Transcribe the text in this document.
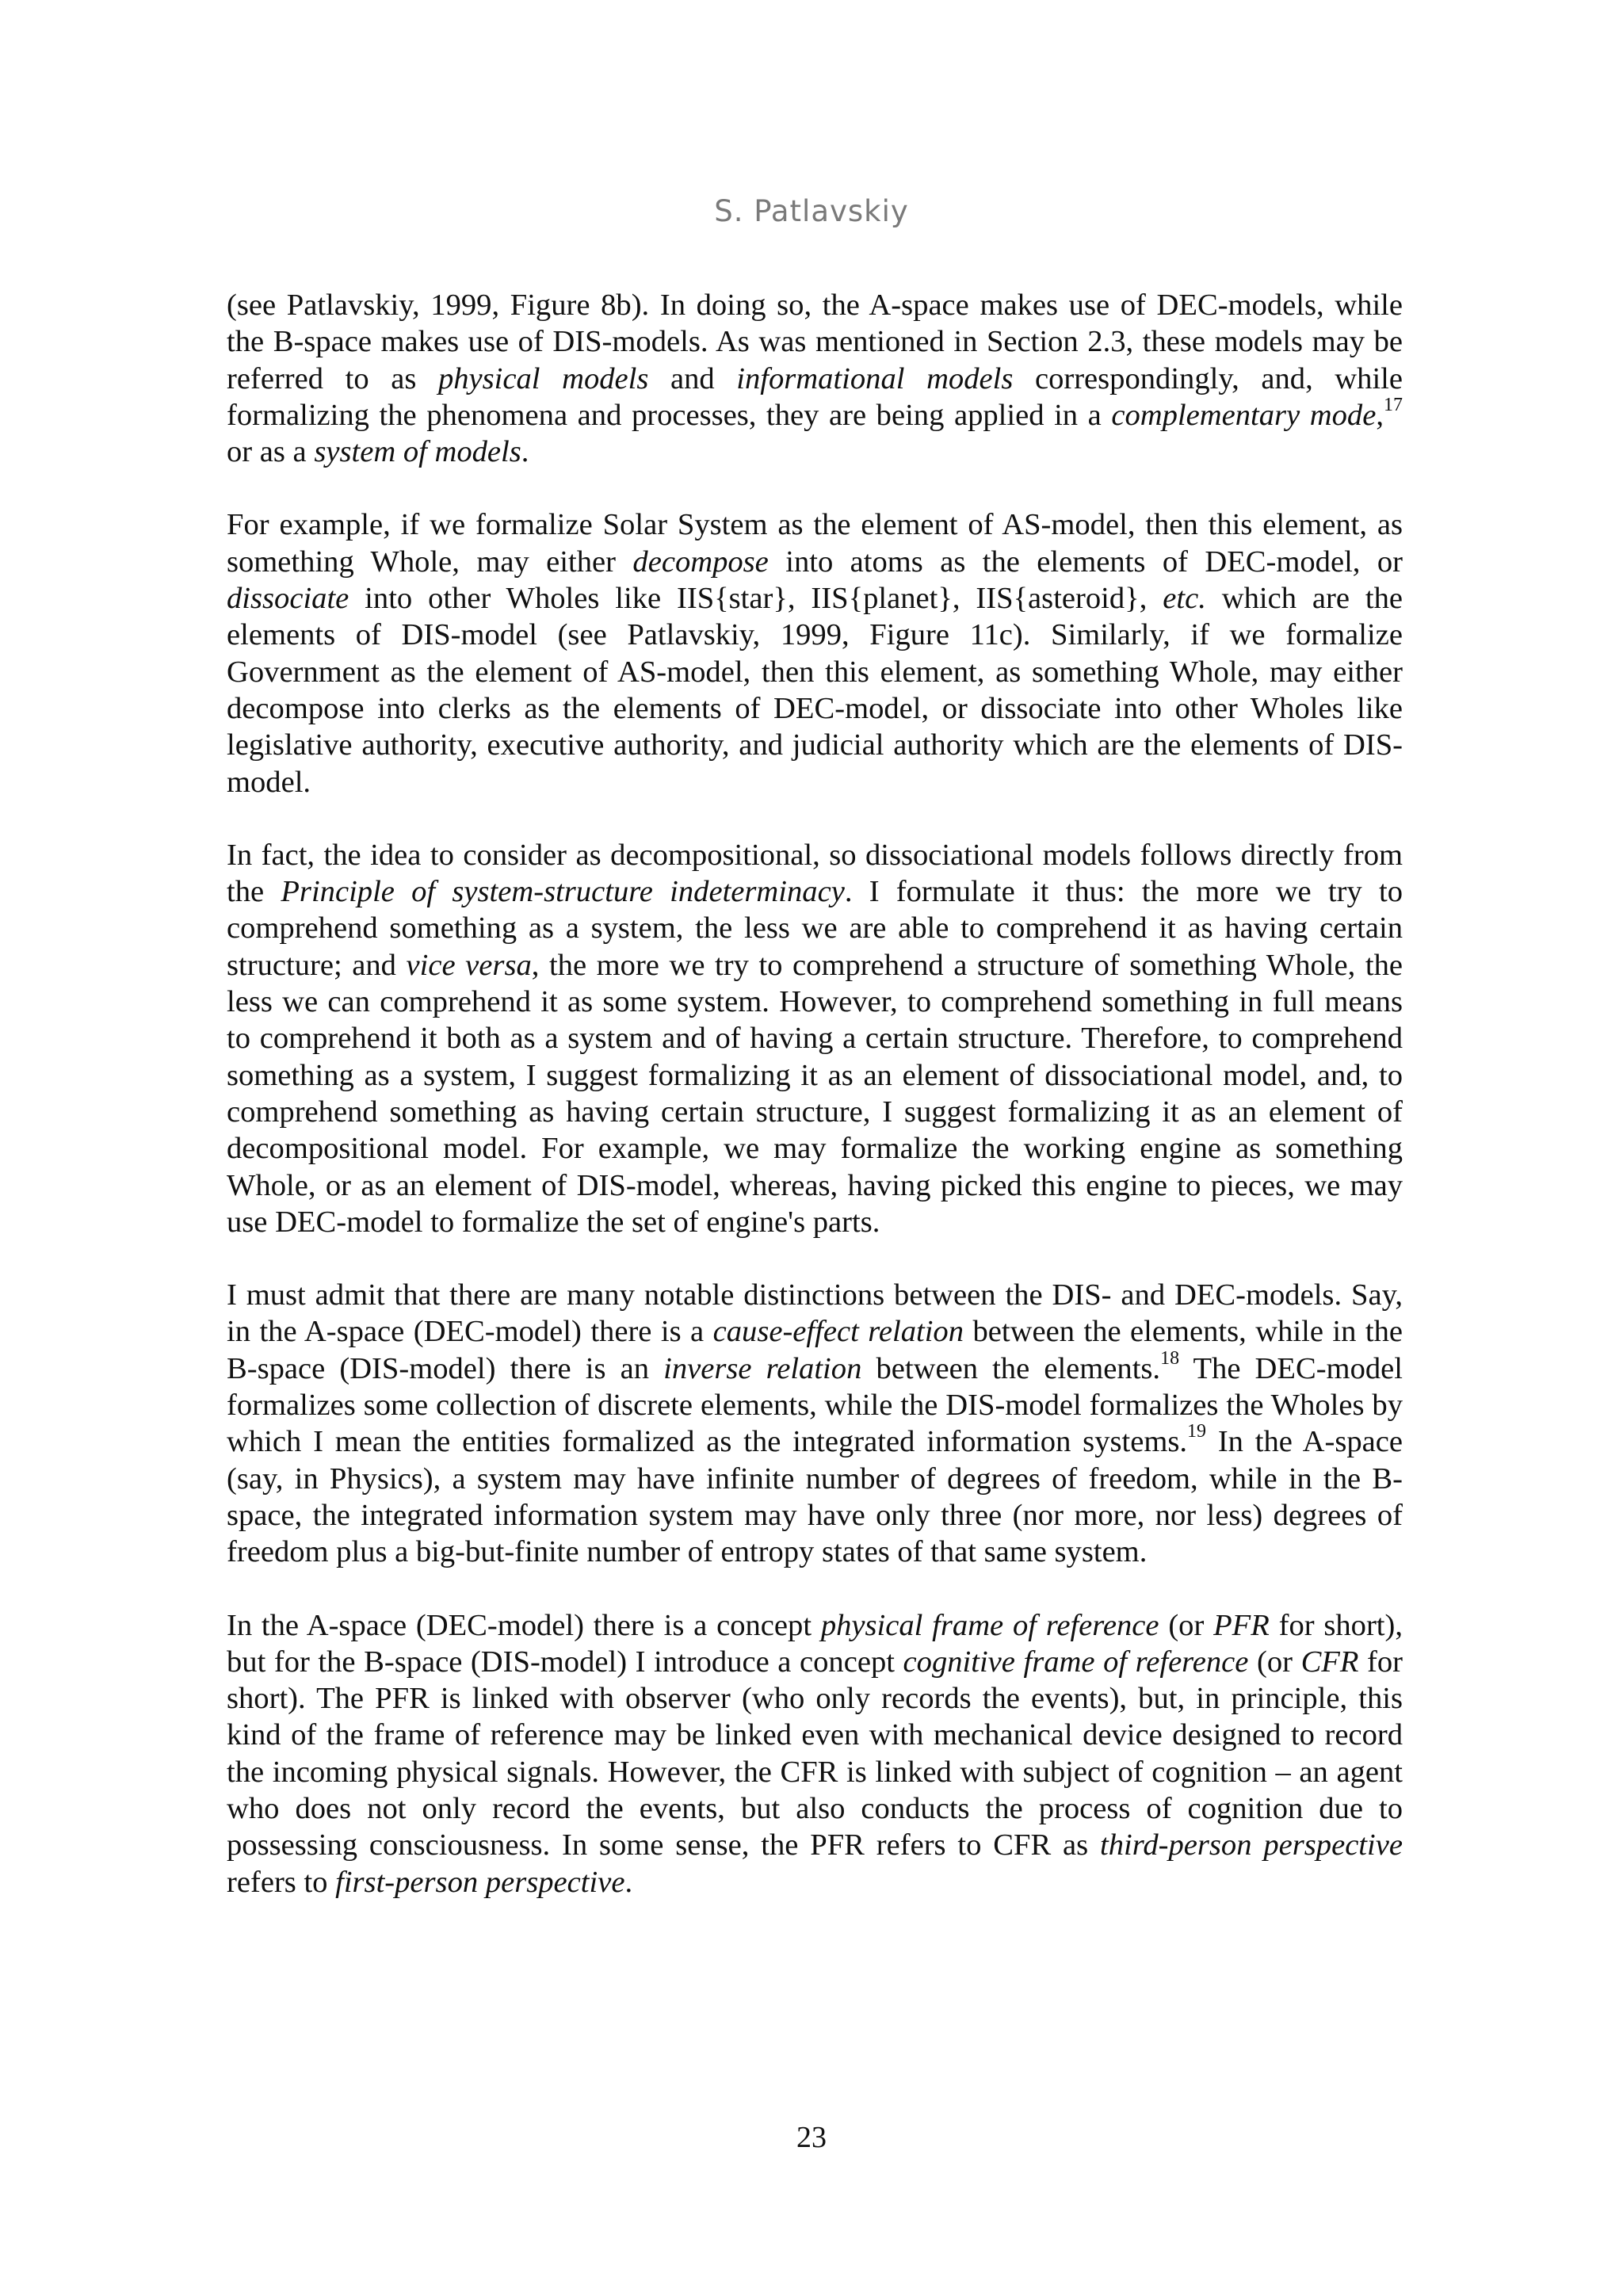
S. Patlavskiy

(see Patlavskiy, 1999, Figure 8b). In doing so, the A-space makes use of DEC-models, while the B-space makes use of DIS-models. As was mentioned in Section 2.3, these models may be referred to as physical models and informational models correspondingly, and, while formalizing the phenomena and processes, they are being applied in a complementary mode,$^{17}$ or as a system of models.

For example, if we formalize Solar System as the element of AS-model, then this element, as something Whole, may either decompose into atoms as the elements of DEC-model, or dissociate into other Wholes like IIS{star}, IIS{planet}, IIS{asteroid}, etc. which are the elements of DIS-model (see Patlavskiy, 1999, Figure 11c). Similarly, if we formalize Government as the element of AS-model, then this element, as something Whole, may either decompose into clerks as the elements of DEC-model, or dissociate into other Wholes like legislative authority, executive authority, and judicial authority which are the elements of DIS-model.

In fact, the idea to consider as decompositional, so dissociational models follows directly from the Principle of system-structure indeterminacy. I formulate it thus: the more we try to comprehend something as a system, the less we are able to comprehend it as having certain structure; and vice versa, the more we try to comprehend a structure of something Whole, the less we can comprehend it as some system. However, to comprehend something in full means to comprehend it both as a system and of having a certain structure. Therefore, to comprehend something as a system, I suggest formalizing it as an element of dissociational model, and, to comprehend something as having certain structure, I suggest formalizing it as an element of decompositional model. For example, we may formalize the working engine as something Whole, or as an element of DIS-model, whereas, having picked this engine to pieces, we may use DEC-model to formalize the set of engine's parts.

I must admit that there are many notable distinctions between the DIS- and DEC-models. Say, in the A-space (DEC-model) there is a cause-effect relation between the elements, while in the B-space (DIS-model) there is an inverse relation between the elements.$^{18}$ The DEC-model formalizes some collection of discrete elements, while the DIS-model formalizes the Wholes by which I mean the entities formalized as the integrated information systems.$^{19}$ In the A-space (say, in Physics), a system may have infinite number of degrees of freedom, while in the B-space, the integrated information system may have only three (nor more, nor less) degrees of freedom plus a big-but-finite number of entropy states of that same system.

In the A-space (DEC-model) there is a concept physical frame of reference (or PFR for short), but for the B-space (DIS-model) I introduce a concept cognitive frame of reference (or CFR for short). The PFR is linked with observer (who only records the events), but, in principle, this kind of the frame of reference may be linked even with mechanical device designed to record the incoming physical signals. However, the CFR is linked with subject of cognition – an agent who does not only record the events, but also conducts the process of cognition due to possessing consciousness. In some sense, the PFR refers to CFR as third-person perspective refers to first-person perspective.

23
